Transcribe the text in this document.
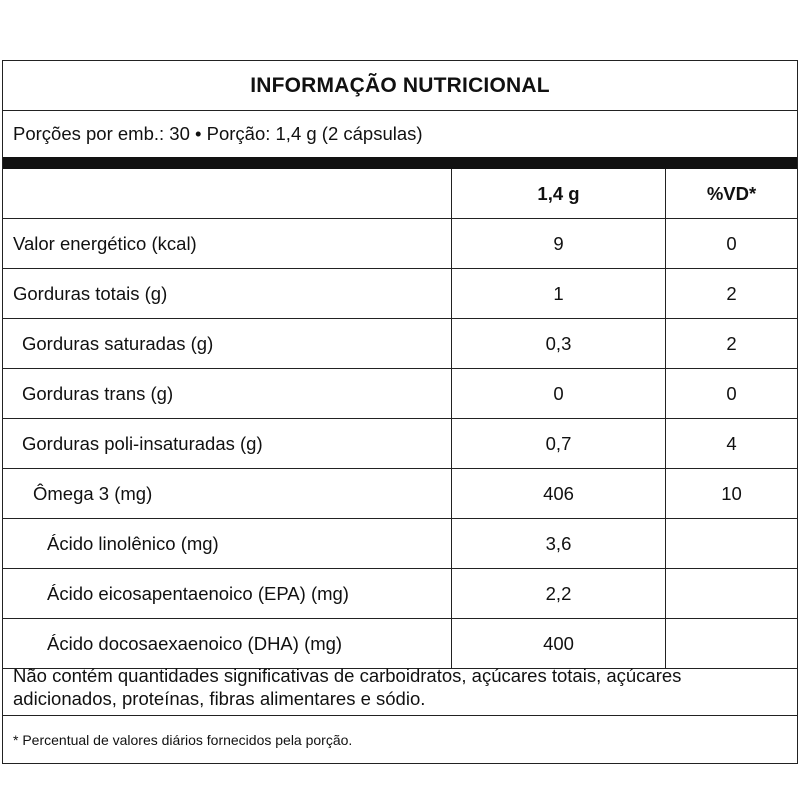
INFORMAÇÃO NUTRICIONAL
Porções por emb.: 30 • Porção: 1,4 g (2 cápsulas)
1,4 g	%VD*
Valor energético (kcal)	9	0
Gorduras totais (g)	1	2
Gorduras saturadas (g)	0,3	2
Gorduras trans (g)	0	0
Gorduras poli-insaturadas (g)	0,7	4
Ômega 3 (mg)	406	10
Ácido linolênico (mg)	3,6
Ácido eicosapentaenoico (EPA) (mg)	2,2
Ácido docosaexaenoico (DHA) (mg)	400
Não contém quantidades significativas de carboidratos, açúcares totais, açúcares adicionados, proteínas, fibras alimentares e sódio.
* Percentual de valores diários fornecidos pela porção.
